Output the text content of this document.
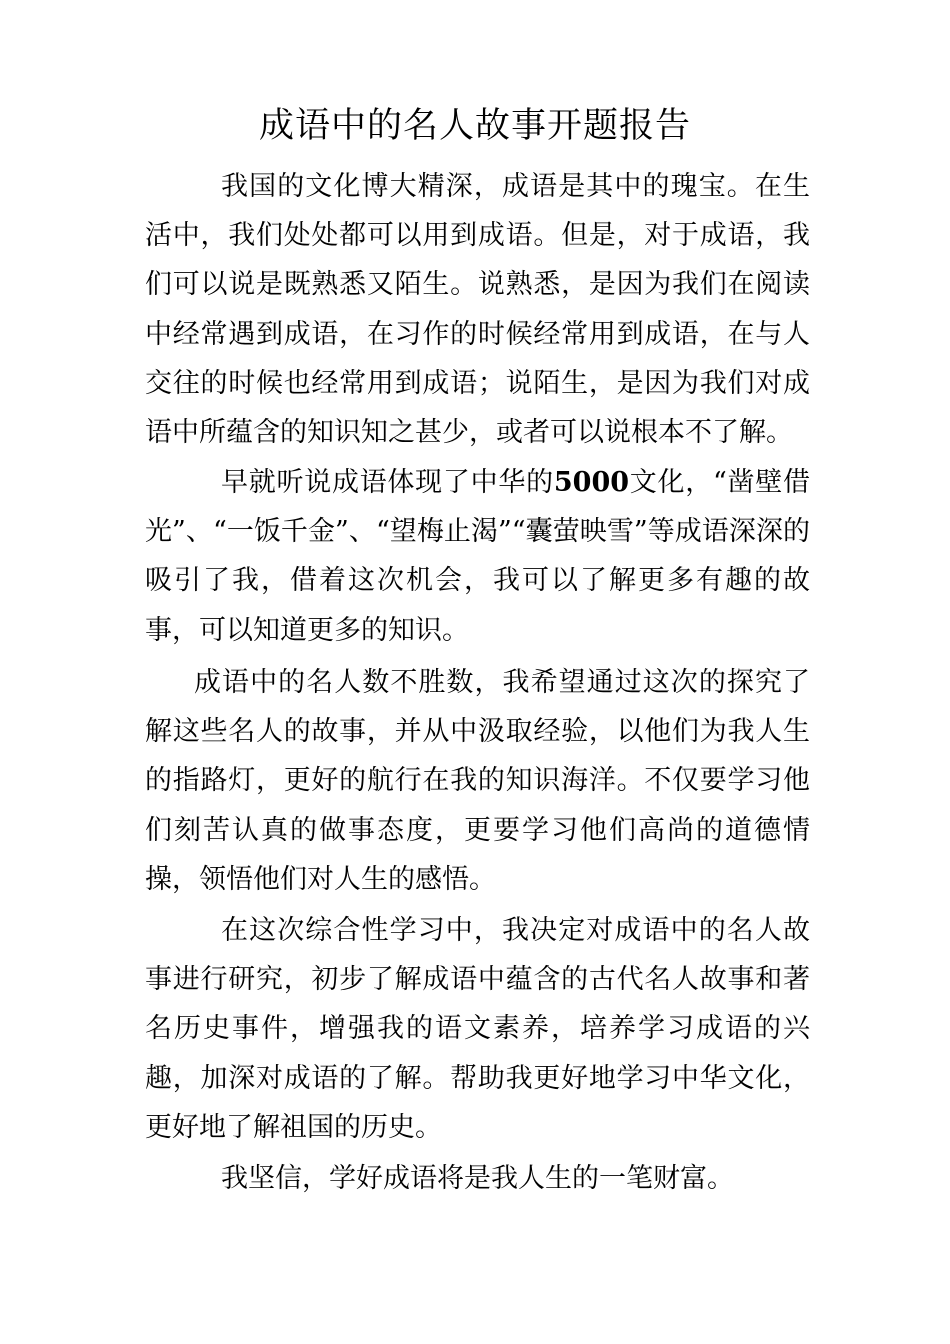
成语中的名人故事开题报告

我国的文化博大精深，成语是其中的瑰宝。在生活中，我们处处都可以用到成语。但是，对于成语，我们可以说是既熟悉又陌生。说熟悉，是因为我们在阅读中经常遇到成语，在习作的时候经常用到成语，在与人交往的时候也经常用到成语；说陌生，是因为我们对成语中所蕴含的知识知之甚少，或者可以说根本不了解。

早就听说成语体现了中华的5000文化，“凿壁借光”、“一饭千金”、“望梅止渴”“囊萤映雪”等成语深深的吸引了我，借着这次机会，我可以了解更多有趣的故事，可以知道更多的知识。

成语中的名人数不胜数，我希望通过这次的探究了解这些名人的故事，并从中汲取经验，以他们为我人生的指路灯，更好的航行在我的知识海洋。不仅要学习他们刻苦认真的做事态度，更要学习他们高尚的道德情操，领悟他们对人生的感悟。

在这次综合性学习中，我决定对成语中的名人故事进行研究，初步了解成语中蕴含的古代名人故事和著名历史事件，增强我的语文素养，培养学习成语的兴趣，加深对成语的了解。帮助我更好地学习中华文化，更好地了解祖国的历史。

我坚信，学好成语将是我人生的一笔财富。
